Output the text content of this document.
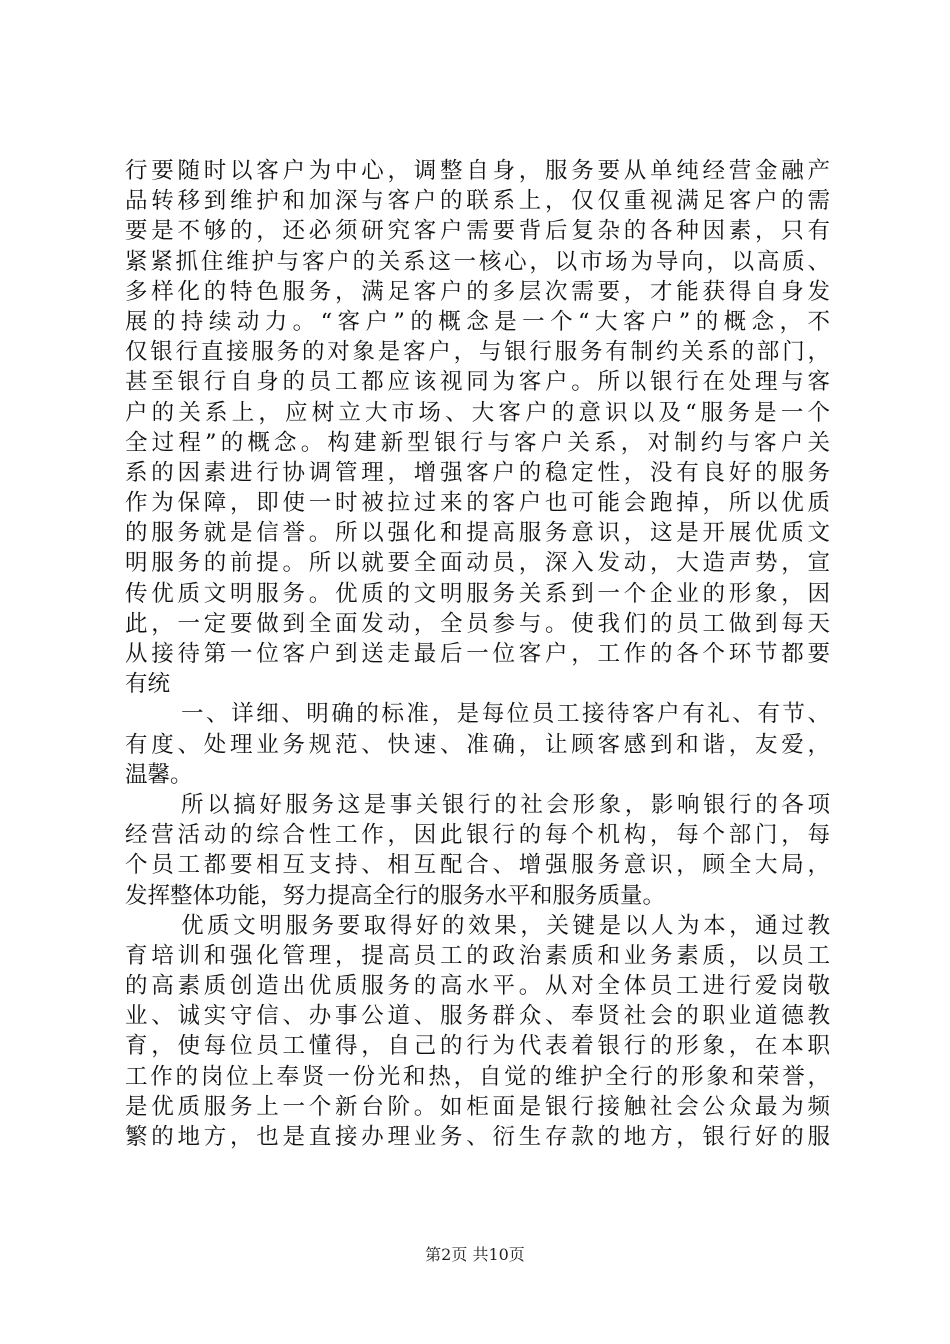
行要随时以客户为中心，调整自身，服务要从单纯经营金融产
品转移到维护和加深与客户的联系上，仅仅重视满足客户的需
要是不够的，还必须研究客户需要背后复杂的各种因素，只有
紧紧抓住维护与客户的关系这一核心，以市场为导向，以高质、
多样化的特色服务，满足客户的多层次需要，才能获得自身发
展的持续动力。“客户”的概念是一个“大客户”的概念，不
仅银行直接服务的对象是客户，与银行服务有制约关系的部门，
甚至银行自身的员工都应该视同为客户。所以银行在处理与客
户的关系上，应树立大市场、大客户的意识以及“服务是一个
全过程”的概念。构建新型银行与客户关系，对制约与客户关
系的因素进行协调管理，增强客户的稳定性，没有良好的服务
作为保障，即使一时被拉过来的客户也可能会跑掉，所以优质
的服务就是信誉。所以强化和提高服务意识，这是开展优质文
明服务的前提。所以就要全面动员，深入发动，大造声势，宣
传优质文明服务。优质的文明服务关系到一个企业的形象，因
此，一定要做到全面发动，全员参与。使我们的员工做到每天
从接待第一位客户到送走最后一位客户，工作的各个环节都要
有统
一、详细、明确的标准，是每位员工接待客户有礼、有节、
有度、处理业务规范、快速、准确，让顾客感到和谐，友爱，
温馨。
所以搞好服务这是事关银行的社会形象，影响银行的各项
经营活动的综合性工作，因此银行的每个机构，每个部门，每
个员工都要相互支持、相互配合、增强服务意识，顾全大局，
发挥整体功能，努力提高全行的服务水平和服务质量。
优质文明服务要取得好的效果，关键是以人为本，通过教
育培训和强化管理，提高员工的政治素质和业务素质，以员工
的高素质创造出优质服务的高水平。从对全体员工进行爱岗敬
业、诚实守信、办事公道、服务群众、奉贤社会的职业道德教
育，使每位员工懂得，自己的行为代表着银行的形象，在本职
工作的岗位上奉贤一份光和热，自觉的维护全行的形象和荣誉，
是优质服务上一个新台阶。如柜面是银行接触社会公众最为频
繁的地方，也是直接办理业务、衍生存款的地方，银行好的服
第2页 共10页
